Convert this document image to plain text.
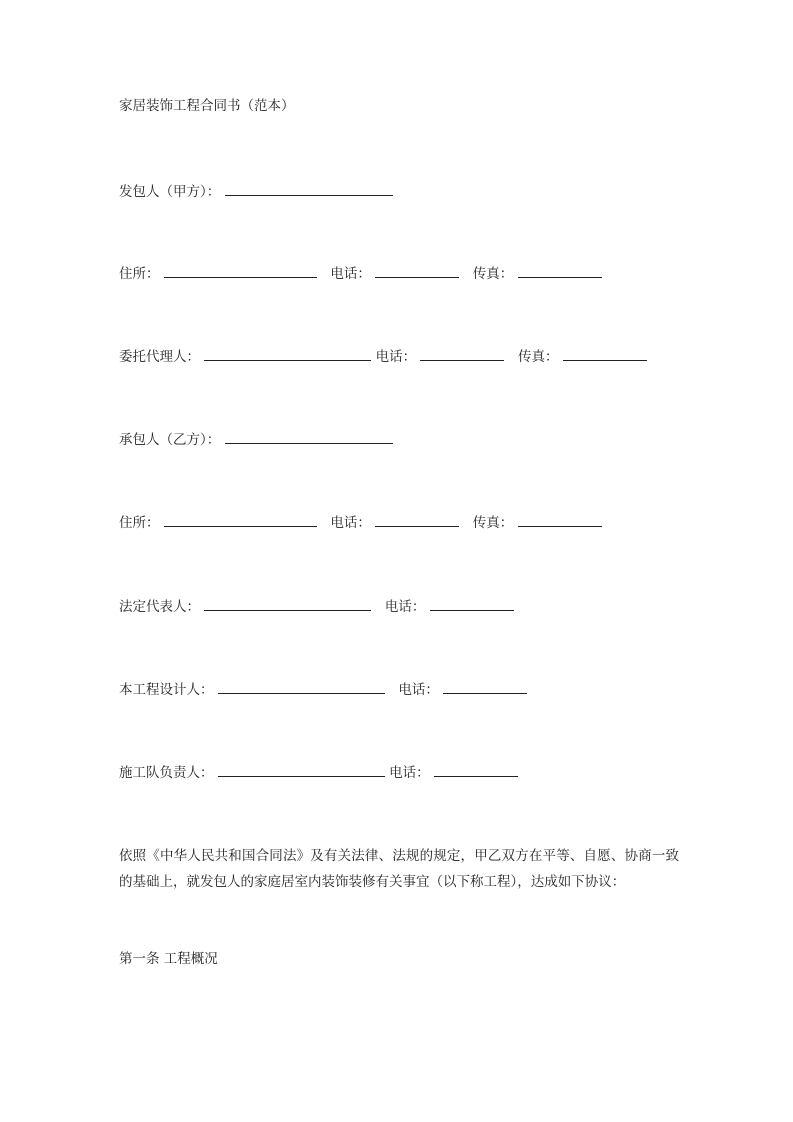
家居装饰工程合同书（范本）
发包人（甲方）：
住所：	电话：	传真：
委托代理人：	电话：	传真：
承包人（乙方）：
住所：	电话：	传真：
法定代表人：	电话：
本工程设计人：	电话：
施工队负责人：	电话：
依照《中华人民共和国合同法》及有关法律、法规的规定，甲乙双方在平等、自愿、协商一致的基础上，就发包人的家庭居室内装饰装修有关事宜（以下称工程），达成如下协议：
第一条 工程概况
